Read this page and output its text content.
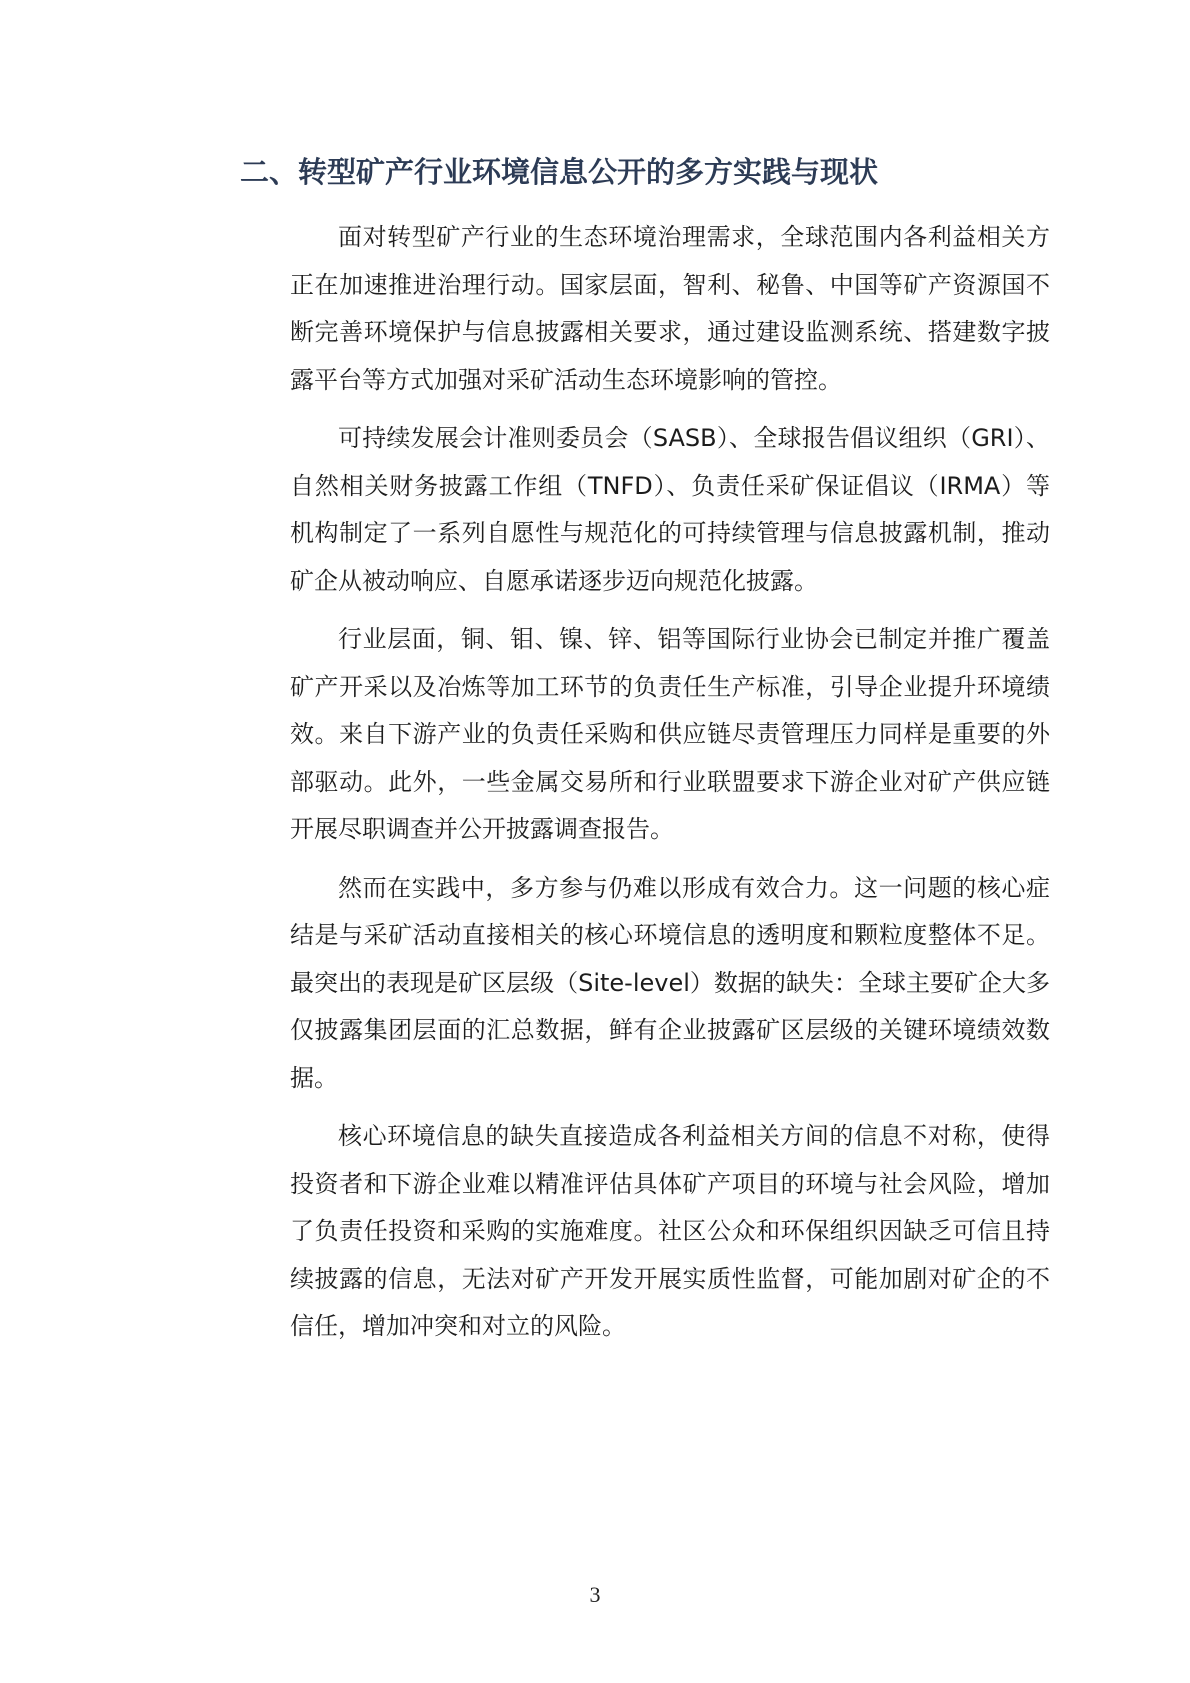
二、转型矿产行业环境信息公开的多方实践与现状

面对转型矿产行业的生态环境治理需求，全球范围内各利益相关方正在加速推进治理行动。国家层面，智利、秘鲁、中国等矿产资源国不断完善环境保护与信息披露相关要求，通过建设监测系统、搭建数字披露平台等方式加强对采矿活动生态环境影响的管控。

可持续发展会计准则委员会（SASB）、全球报告倡议组织（GRI）、自然相关财务披露工作组（TNFD）、负责任采矿保证倡议（IRMA）等机构制定了一系列自愿性与规范化的可持续管理与信息披露机制，推动矿企从被动响应、自愿承诺逐步迈向规范化披露。

行业层面，铜、钼、镍、锌、铝等国际行业协会已制定并推广覆盖矿产开采以及冶炼等加工环节的负责任生产标准，引导企业提升环境绩效。来自下游产业的负责任采购和供应链尽责管理压力同样是重要的外部驱动。此外，一些金属交易所和行业联盟要求下游企业对矿产供应链开展尽职调查并公开披露调查报告。

然而在实践中，多方参与仍难以形成有效合力。这一问题的核心症结是与采矿活动直接相关的核心环境信息的透明度和颗粒度整体不足。最突出的表现是矿区层级（Site-level）数据的缺失：全球主要矿企大多仅披露集团层面的汇总数据，鲜有企业披露矿区层级的关键环境绩效数据。

核心环境信息的缺失直接造成各利益相关方间的信息不对称，使得投资者和下游企业难以精准评估具体矿产项目的环境与社会风险，增加了负责任投资和采购的实施难度。社区公众和环保组织因缺乏可信且持续披露的信息，无法对矿产开发开展实质性监督，可能加剧对矿企的不信任，增加冲突和对立的风险。

3
